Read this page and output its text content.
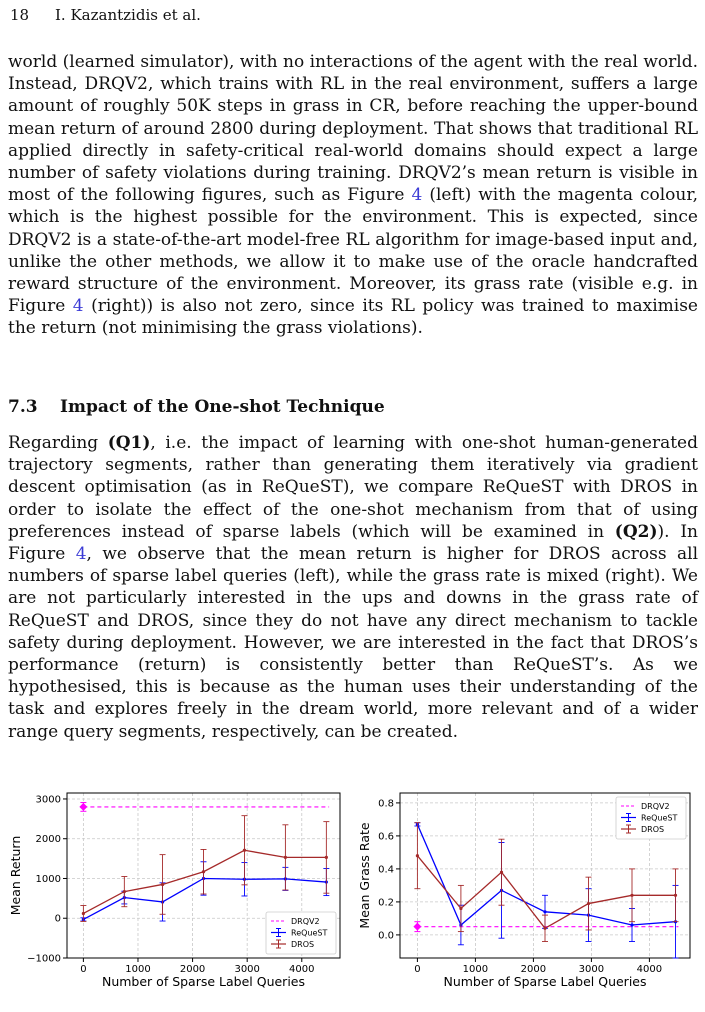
18 I. Kazantzidis et al.
world (learned simulator), with no interactions of the agent with the real world. Instead, DRQV2, which trains with RL in the real environment, suffers a large amount of roughly 50K steps in grass in CR, before reaching the upper-bound mean return of around 2800 during deployment. That shows that traditional RL applied directly in safety-critical real-world domains should expect a large number of safety violations during training. DRQV2’s mean return is visible in most of the following figures, such as Figure 4 (left) with the magenta colour, which is the highest possible for the environment. This is expected, since DRQV2 is a state-of-the-art model-free RL algorithm for image-based input and, unlike the other methods, we allow it to make use of the oracle handcrafted reward structure of the environment. Moreover, its grass rate (visible e.g. in Figure 4 (right)) is also not zero, since its RL policy was trained to maximise the return (not minimising the grass violations).
7.3 Impact of the One-shot Technique
Regarding (Q1), i.e. the impact of learning with one-shot human-generated trajectory segments, rather than generating them iteratively via gradient descent optimisation (as in ReQueST), we compare ReQueST with DROS in order to isolate the effect of the one-shot mechanism from that of using preferences instead of sparse labels (which will be examined in (Q2)). In Figure 4, we observe that the mean return is higher for DROS across all numbers of sparse label queries (left), while the grass rate is mixed (right). We are not particularly interested in the ups and downs in the grass rate of ReQueST and DROS, since they do not have any direct mechanism to tackle safety during deployment. However, we are interested in the fact that DROS’s performance (return) is consistently better than ReQueST’s. As we hypothesised, this is because as the human uses their understanding of the task and explores freely in the dream world, more relevant and of a wider range query segments, respectively, can be created.
0	1000	2000	3000	4000
−1000
0
1000
2000
3000
Number of Sparse Label Queries
Mean Return
DRQV2
ReQueST
DROS
0	1000	2000	3000	4000
0.0
0.2
0.4
0.6
0.8
Number of Sparse Label Queries
Mean Grass Rate
DRQV2
ReQueST
DROS
